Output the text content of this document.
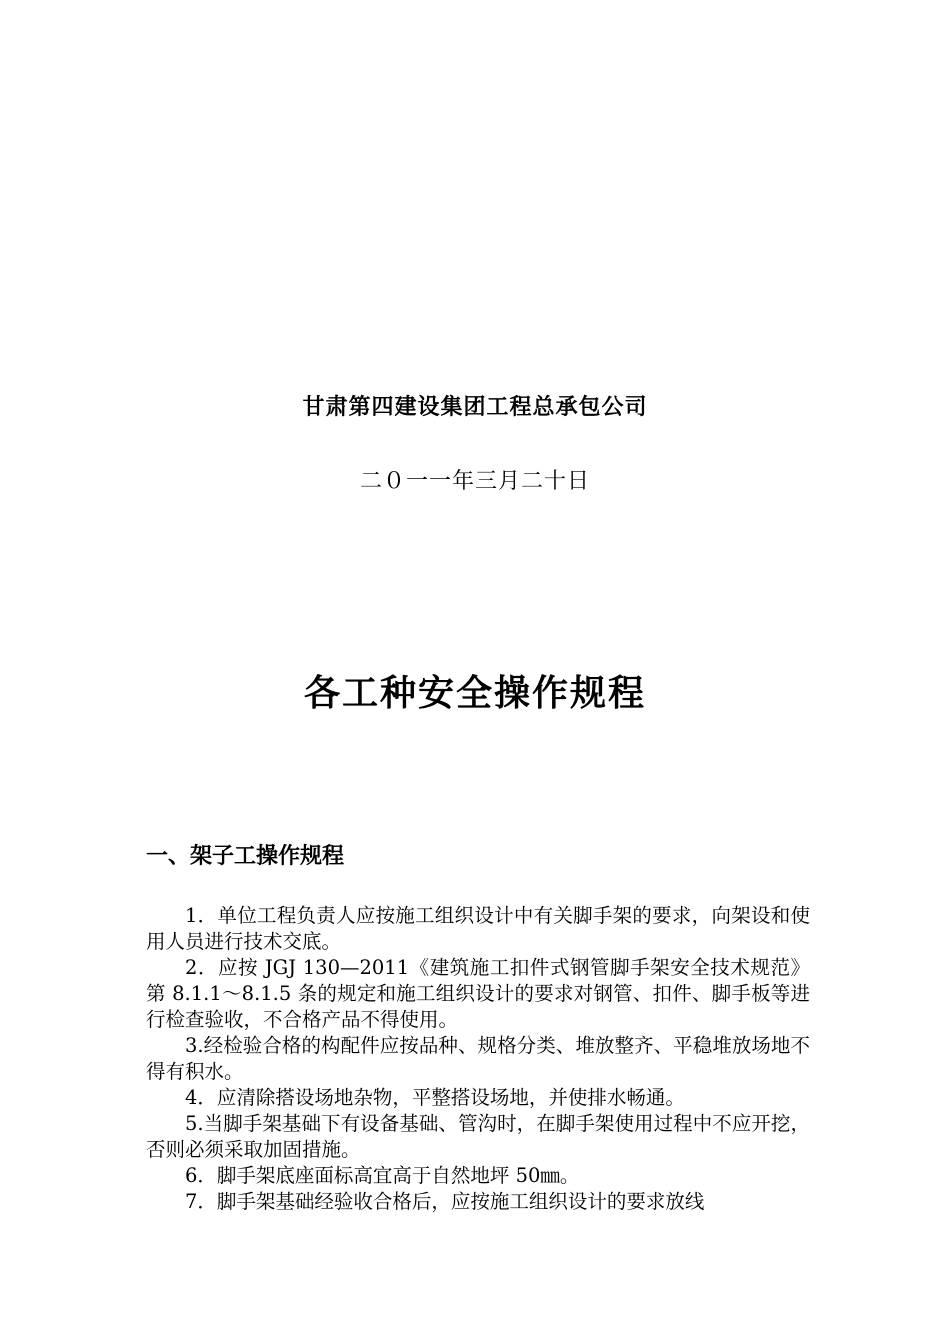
甘肃第四建设集团工程总承包公司
二０一一年三月二十日
各工种安全操作规程
一、架子工操作规程

1．单位工程负责人应按施工组织设计中有关脚手架的要求，向架设和使用人员进行技术交底。

2．应按 JGJ 130—2011《建筑施工扣件式钢管脚手架安全技术规范》第 8.1.1～8.1.5 条的规定和施工组织设计的要求对钢管、扣件、脚手板等进行检查验收，不合格产品不得使用。

3.经检验合格的构配件应按品种、规格分类、堆放整齐、平稳堆放场地不得有积水。

4．应清除搭设场地杂物，平整搭设场地，并使排水畅通。

5.当脚手架基础下有设备基础、管沟时，在脚手架使用过程中不应开挖，否则必须采取加固措施。

6．脚手架底座面标高宜高于自然地坪 50㎜。

7．脚手架基础经验收合格后，应按施工组织设计的要求放线
